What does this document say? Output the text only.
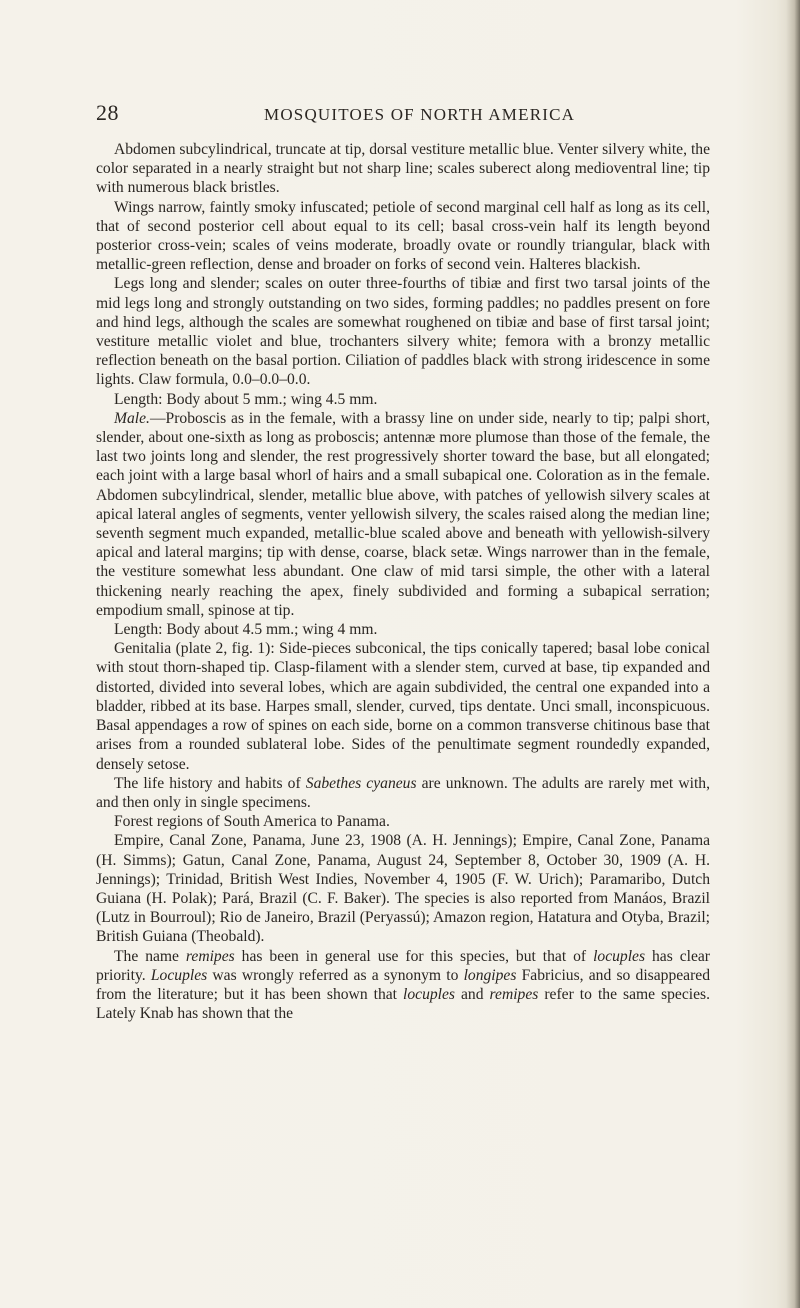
28	MOSQUITOES OF NORTH AMERICA

Abdomen subcylindrical, truncate at tip, dorsal vestiture metallic blue. Venter silvery white, the color separated in a nearly straight but not sharp line; scales suberect along medioventral line; tip with numerous black bristles.

Wings narrow, faintly smoky infuscated; petiole of second marginal cell half as long as its cell, that of second posterior cell about equal to its cell; basal cross-vein half its length beyond posterior cross-vein; scales of veins moderate, broadly ovate or roundly triangular, black with metallic-green reflection, dense and broader on forks of second vein. Halteres blackish.

Legs long and slender; scales on outer three-fourths of tibiæ and first two tarsal joints of the mid legs long and strongly outstanding on two sides, forming paddles; no paddles present on fore and hind legs, although the scales are somewhat roughened on tibiæ and base of first tarsal joint; vestiture metallic violet and blue, trochanters silvery white; femora with a bronzy metallic reflection beneath on the basal portion. Ciliation of paddles black with strong iridescence in some lights. Claw formula, 0.0–0.0–0.0.

Length: Body about 5 mm.; wing 4.5 mm.

Male.—Proboscis as in the female, with a brassy line on under side, nearly to tip; palpi short, slender, about one-sixth as long as proboscis; antennæ more plumose than those of the female, the last two joints long and slender, the rest progressively shorter toward the base, but all elongated; each joint with a large basal whorl of hairs and a small subapical one. Coloration as in the female. Abdomen subcylindrical, slender, metallic blue above, with patches of yellowish silvery scales at apical lateral angles of segments, venter yellowish silvery, the scales raised along the median line; seventh segment much expanded, metallic-blue scaled above and beneath with yellowish-silvery apical and lateral margins; tip with dense, coarse, black setæ. Wings narrower than in the female, the vestiture somewhat less abundant. One claw of mid tarsi simple, the other with a lateral thickening nearly reaching the apex, finely subdivided and forming a subapical serration; empodium small, spinose at tip.

Length: Body about 4.5 mm.; wing 4 mm.

Genitalia (plate 2, fig. 1): Side-pieces subconical, the tips conically tapered; basal lobe conical with stout thorn-shaped tip. Clasp-filament with a slender stem, curved at base, tip expanded and distorted, divided into several lobes, which are again subdivided, the central one expanded into a bladder, ribbed at its base. Harpes small, slender, curved, tips dentate. Unci small, inconspicuous. Basal appendages a row of spines on each side, borne on a common transverse chitinous base that arises from a rounded sublateral lobe. Sides of the penultimate segment roundedly expanded, densely setose.

The life history and habits of Sabethes cyaneus are unknown. The adults are rarely met with, and then only in single specimens.

Forest regions of South America to Panama.

Empire, Canal Zone, Panama, June 23, 1908 (A. H. Jennings); Empire, Canal Zone, Panama (H. Simms); Gatun, Canal Zone, Panama, August 24, September 8, October 30, 1909 (A. H. Jennings); Trinidad, British West Indies, November 4, 1905 (F. W. Urich); Paramaribo, Dutch Guiana (H. Polak); Pará, Brazil (C. F. Baker). The species is also reported from Manáos, Brazil (Lutz in Bourroul); Rio de Janeiro, Brazil (Peryassú); Amazon region, Hatatura and Otyba, Brazil; British Guiana (Theobald).

The name remipes has been in general use for this species, but that of locuples has clear priority. Locuples was wrongly referred as a synonym to longipes Fabricius, and so disappeared from the literature; but it has been shown that locuples and remipes refer to the same species. Lately Knab has shown that the
